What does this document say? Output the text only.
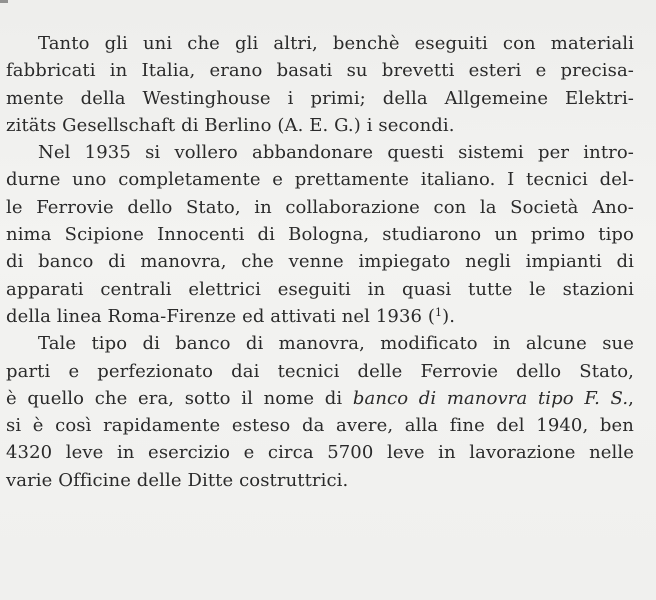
Tanto gli uni che gli altri, benchè eseguiti con materiali
fabbricati in Italia, erano basati su brevetti esteri e precisa-
mente della Westinghouse i primi; della Allgemeine Elektri-
zitäts Gesellschaft di Berlino (A. E. G.) i secondi.
Nel 1935 si vollero abbandonare questi sistemi per intro-
durne uno completamente e prettamente italiano. I tecnici del-
le Ferrovie dello Stato, in collaborazione con la Società Ano-
nima Scipione Innocenti di Bologna, studiarono un primo tipo
di banco di manovra, che venne impiegato negli impianti di
apparati centrali elettrici eseguiti in quasi tutte le stazioni
della linea Roma-Firenze ed attivati nel 1936 ($^1$).
Tale tipo di banco di manovra, modificato in alcune sue
parti e perfezionato dai tecnici delle Ferrovie dello Stato,
è quello che era, sotto il nome di banco di manovra tipo F. S.,
si è così rapidamente esteso da avere, alla fine del 1940, ben
4320 leve in esercizio e circa 5700 leve in lavorazione nelle
varie Officine delle Ditte costruttrici.
